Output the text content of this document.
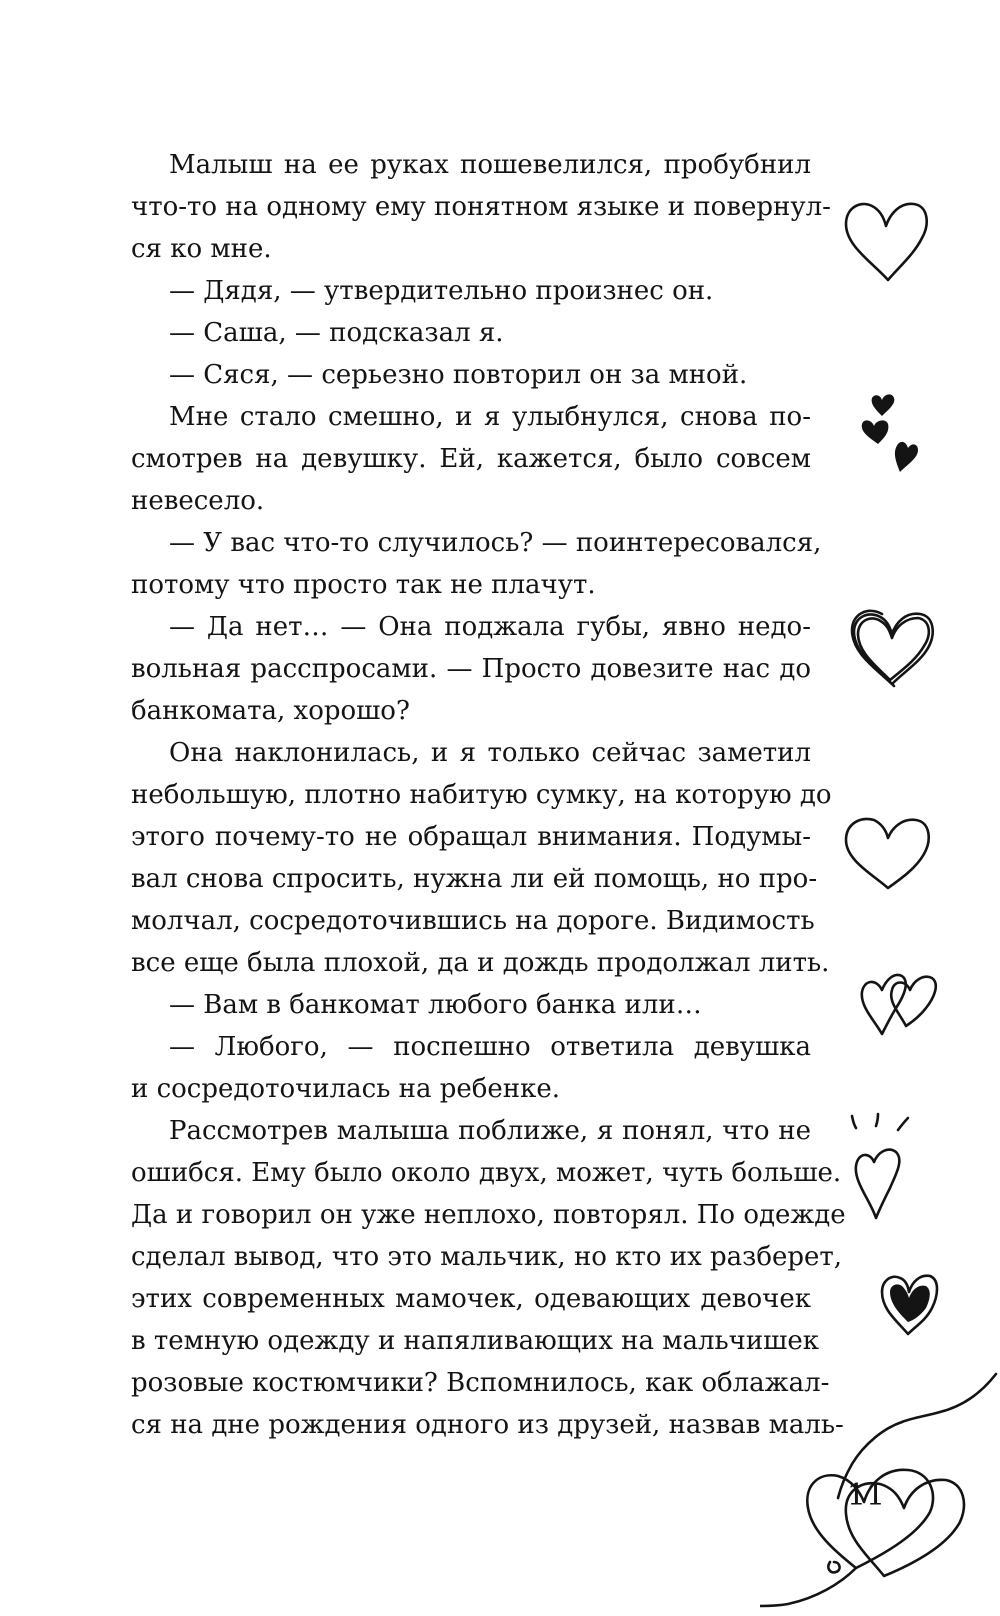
Малыш на ее руках пошевелился, пробубнил
что-то на одному ему понятном языке и повернул-
ся ко мне.
— Дядя, — утвердительно произнес он.
— Саша, — подсказал я.
— Сяся, — серьезно повторил он за мной.
Мне стало смешно, и я улыбнулся, снова по-
смотрев на девушку. Ей, кажется, было совсем
невесело.
— У вас что-то случилось? — поинтересовался,
потому что просто так не плачут.
— Да нет… — Она поджала губы, явно недо-
вольная расспросами. — Просто довезите нас до
банкомата, хорошо?
Она наклонилась, и я только сейчас заметил
небольшую, плотно набитую сумку, на которую до
этого почему-то не обращал внимания. Подумы-
вал снова спросить, нужна ли ей помощь, но про-
молчал, сосредоточившись на дороге. Видимость
все еще была плохой, да и дождь продолжал лить.
— Вам в банкомат любого банка или…
— Любого, — поспешно ответила девушка
и сосредоточилась на ребенке.
Рассмотрев малыша поближе, я понял, что не
ошибся. Ему было около двух, может, чуть больше.
Да и говорил он уже неплохо, повторял. По одежде
сделал вывод, что это мальчик, но кто их разберет,
этих современных мамочек, одевающих девочек
в темную одежду и напяливающих на мальчишек
розовые костюмчики? Вспомнилось, как облажал-
ся на дне рождения одного из друзей, назвав маль-
11
